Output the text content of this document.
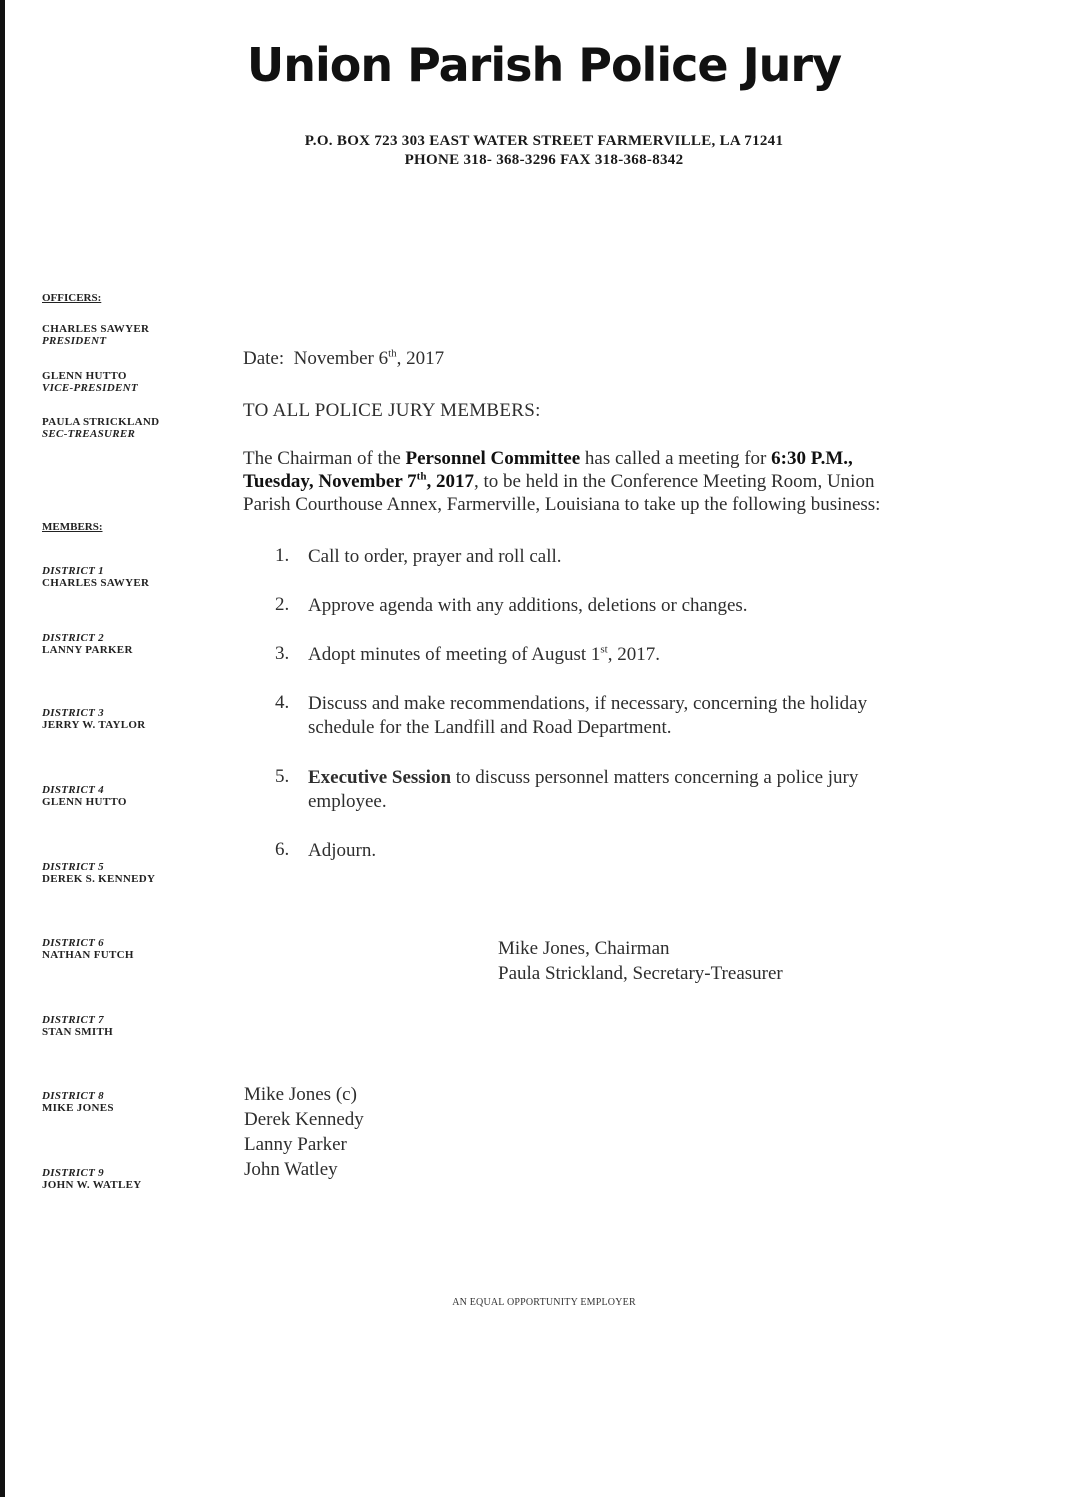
Union Parish Police Jury
P.O. BOX 723 303 EAST WATER STREET FARMERVILLE, LA 71241
PHONE 318- 368-3296 FAX 318-368-8342
OFFICERS:
CHARLES SAWYER
PRESIDENT
GLENN HUTTO
VICE-PRESIDENT
PAULA STRICKLAND
SEC-TREASURER
MEMBERS:
DISTRICT 1
CHARLES SAWYER
DISTRICT 2
LANNY PARKER
DISTRICT 3
JERRY W. TAYLOR
DISTRICT 4
GLENN HUTTO
DISTRICT 5
DEREK S. KENNEDY
DISTRICT 6
NATHAN FUTCH
DISTRICT 7
STAN SMITH
DISTRICT 8
MIKE JONES
DISTRICT 9
JOHN W. WATLEY
Date: November 6th, 2017
TO ALL POLICE JURY MEMBERS:
The Chairman of the Personnel Committee has called a meeting for 6:30 P.M.,
Tuesday, November 7th, 2017, to be held in the Conference Meeting Room, Union
Parish Courthouse Annex, Farmerville, Louisiana to take up the following business:
1. Call to order, prayer and roll call.
2. Approve agenda with any additions, deletions or changes.
3. Adopt minutes of meeting of August 1st, 2017.
4. Discuss and make recommendations, if necessary, concerning the holiday
schedule for the Landfill and Road Department.
5. Executive Session to discuss personnel matters concerning a police jury
employee.
6. Adjourn.
Mike Jones, Chairman
Paula Strickland, Secretary-Treasurer
Mike Jones (c)
Derek Kennedy
Lanny Parker
John Watley
AN EQUAL OPPORTUNITY EMPLOYER
